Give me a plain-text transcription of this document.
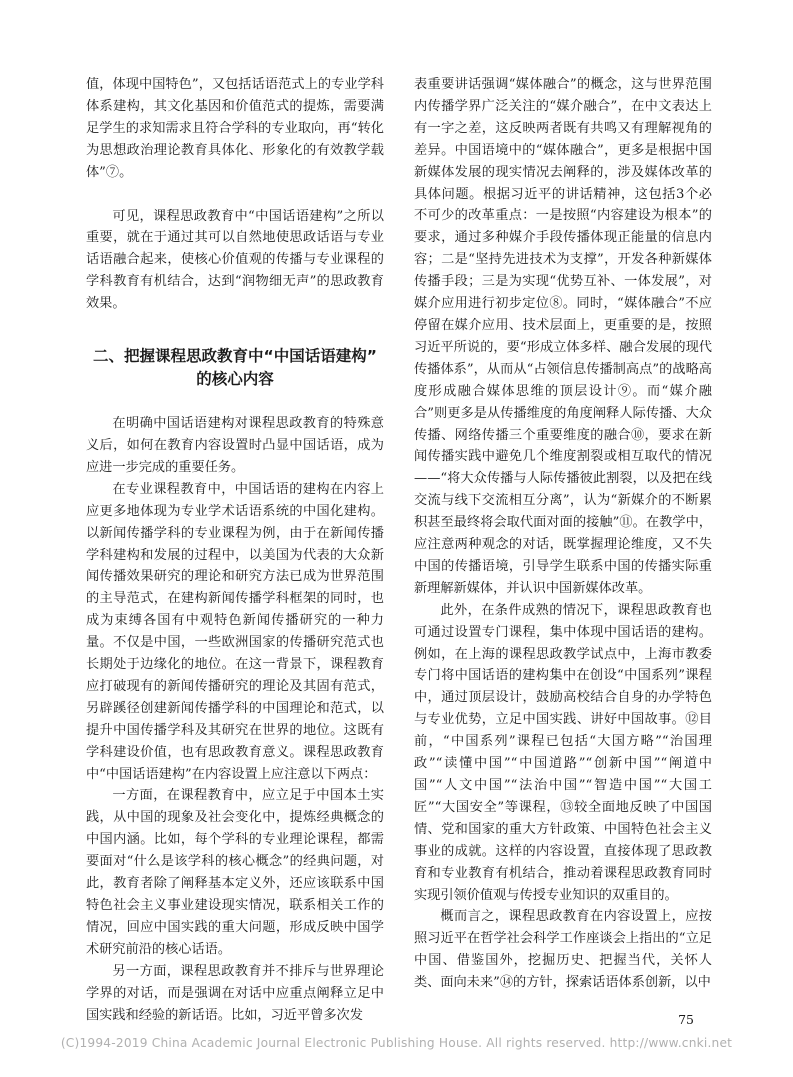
值，体现中国特色”，又包括话语范式上的专业学科体系建构，其文化基因和价值范式的提炼，需要满足学生的求知需求且符合学科的专业取向，再“转化为思想政治理论教育具体化、形象化的有效教学载体”⑦。

可见，课程思政教育中“中国话语建构”之所以重要，就在于通过其可以自然地使思政话语与专业话语融合起来，使核心价值观的传播与专业课程的学科教育有机结合，达到“润物细无声”的思政教育效果。

二、把握课程思政教育中“中国话语建构”
的核心内容

在明确中国话语建构对课程思政教育的特殊意义后，如何在教育内容设置时凸显中国话语，成为应进一步完成的重要任务。

在专业课程教育中，中国话语的建构在内容上应更多地体现为专业学术话语系统的中国化建构。以新闻传播学科的专业课程为例，由于在新闻传播学科建构和发展的过程中，以美国为代表的大众新闻传播效果研究的理论和研究方法已成为世界范围的主导范式，在建构新闻传播学科框架的同时，也成为束缚各国有中观特色新闻传播研究的一种力量。不仅是中国，一些欧洲国家的传播研究范式也长期处于边缘化的地位。在这一背景下，课程教育应打破现有的新闻传播研究的理论及其固有范式，另辟蹊径创建新闻传播学科的中国理论和范式，以提升中国传播学科及其研究在世界的地位。这既有学科建设价值，也有思政教育意义。课程思政教育中“中国话语建构”在内容设置上应注意以下两点：

一方面，在课程教育中，应立足于中国本土实践，从中国的现象及社会变化中，提炼经典概念的中国内涵。比如，每个学科的专业理论课程，都需要面对“什么是该学科的核心概念”的经典问题，对此，教育者除了阐释基本定义外，还应该联系中国特色社会主义事业建设现实情况，联系相关工作的情况，回应中国实践的重大问题，形成反映中国学术研究前沿的核心话语。

另一方面，课程思政教育并不排斥与世界理论学界的对话，而是强调在对话中应重点阐释立足中国实践和经验的新话语。比如，习近平曾多次发

表重要讲话强调“媒体融合”的概念，这与世界范围内传播学界广泛关注的“媒介融合”，在中文表达上有一字之差，这反映两者既有共鸣又有理解视角的差异。中国语境中的“媒体融合”，更多是根据中国新媒体发展的现实情况去阐释的，涉及媒体改革的具体问题。根据习近平的讲话精神，这包括3个必不可少的改革重点：一是按照“内容建设为根本”的要求，通过多种媒介手段传播体现正能量的信息内容；二是“坚持先进技术为支撑”，开发各种新媒体传播手段；三是为实现“优势互补、一体发展”，对媒介应用进行初步定位⑧。同时，“媒体融合”不应停留在媒介应用、技术层面上，更重要的是，按照习近平所说的，要“形成立体多样、融合发展的现代传播体系”，从而从“占领信息传播制高点”的战略高度形成融合媒体思维的顶层设计⑨。而“媒介融合”则更多是从传播维度的角度阐释人际传播、大众传播、网络传播三个重要维度的融合⑩，要求在新闻传播实践中避免几个维度割裂或相互取代的情况——“将大众传播与人际传播彼此割裂，以及把在线交流与线下交流相互分离”，认为“新媒介的不断累积甚至最终将会取代面对面的接触”⑪。在教学中，应注意两种观念的对话，既掌握理论维度，又不失中国的传播语境，引导学生联系中国的传播实际重新理解新媒体，并认识中国新媒体改革。

此外，在条件成熟的情况下，课程思政教育也可通过设置专门课程，集中体现中国话语的建构。例如，在上海的课程思政教学试点中，上海市教委专门将中国话语的建构集中在创设“中国系列”课程中，通过顶层设计，鼓励高校结合自身的办学特色与专业优势，立足中国实践、讲好中国故事。⑫目前，“中国系列”课程已包括“大国方略”“治国理政”“读懂中国”“中国道路”“创新中国”“阐道中国”“人文中国”“法治中国”“智造中国”“大国工匠”“大国安全”等课程，⑬较全面地反映了中国国情、党和国家的重大方针政策、中国特色社会主义事业的成就。这样的内容设置，直接体现了思政教育和专业教育有机结合，推动着课程思政教育同时实现引领价值观与传授专业知识的双重目的。

概而言之，课程思政教育在内容设置上，应按照习近平在哲学社会科学工作座谈会上指出的“立足中国、借鉴国外，挖掘历史、把握当代，关怀人类、面向未来”⑭的方针，探索话语体系创新，以中

75
(C)1994-2019 China Academic Journal Electronic Publishing House. All rights reserved. http://www.cnki.net
